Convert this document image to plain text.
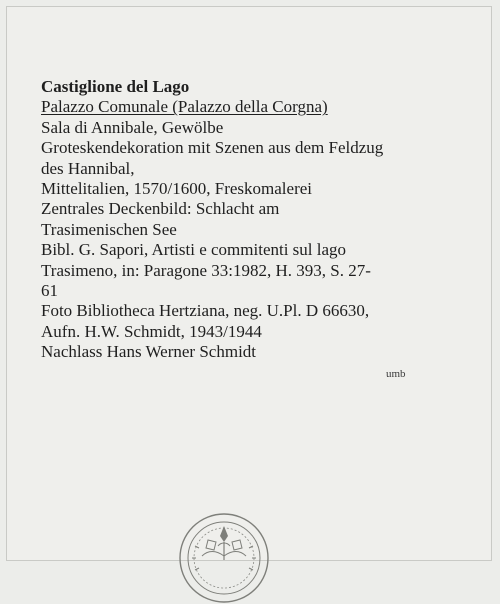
Castiglione del Lago
Palazzo Comunale (Palazzo della Corgna)
Sala di Annibale, Gewölbe
Groteskendekoration mit Szenen aus dem Feldzug
des Hannibal,
Mittelitalien, 1570/1600, Freskomalerei
Zentrales Deckenbild: Schlacht am
Trasimenischen See
Bibl. G. Sapori, Artisti e commitenti sul lago
Trasimeno, in: Paragone 33:1982, H. 393, S. 27-
61
Foto Bibliotheca Hertziana, neg. U.Pl. D 66630,
Aufn. H.W. Schmidt, 1943/1944
Nachlass Hans Werner Schmidt
umb
